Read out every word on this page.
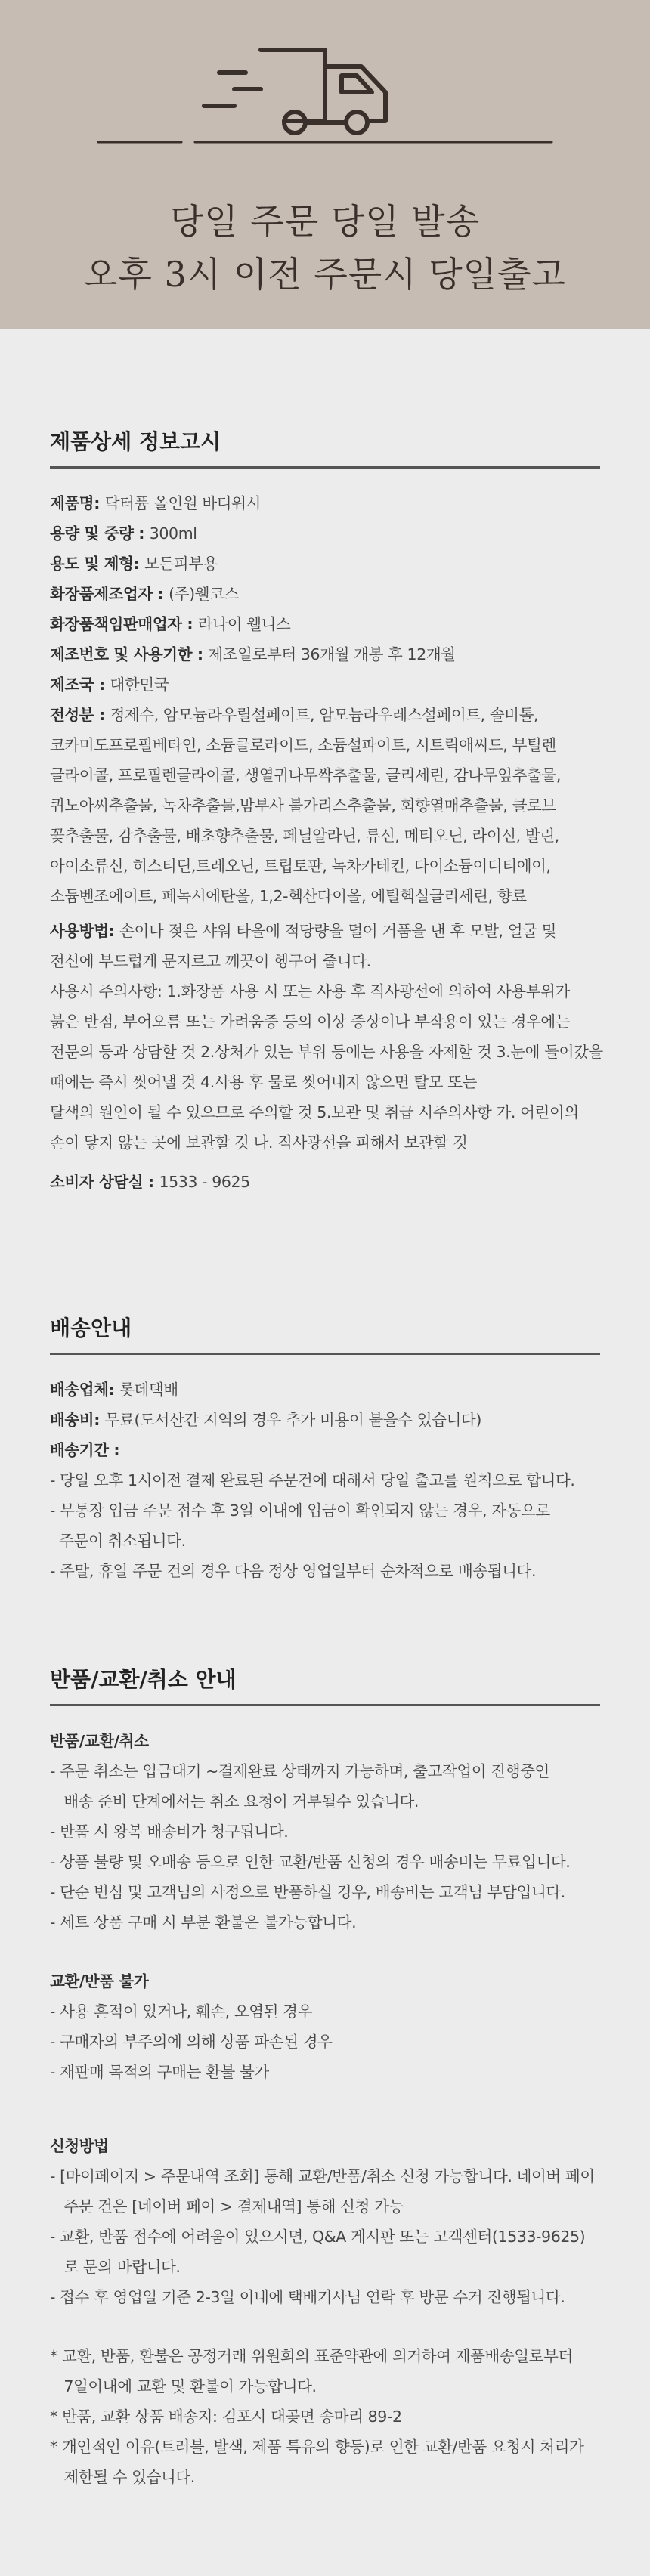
당일 주문 당일 발송
오후 3시 이전 주문시 당일출고
제품상세 정보고시
제품명: 닥터퓸 올인원 바디워시
용량 및 중량 : 300ml
용도 및 제형: 모든피부용
화장품제조업자 : (주)웰코스
화장품책임판매업자 : 라나이 웰니스
제조번호 및 사용기한 : 제조일로부터 36개월 개봉 후 12개월
제조국 : 대한민국
전성분 : 정제수, 암모늄라우릴설페이트, 암모늄라우레스설페이트, 솔비톨,
코카미도프로필베타인, 소듐클로라이드, 소듐설파이트, 시트릭애씨드, 부틸렌
글라이콜, 프로필렌글라이콜, 생열귀나무싹추출물, 글리세린, 감나무잎추출물,
퀴노아씨추출물, 녹차추출물,밤부사 불가리스추출물, 회향열매추출물, 클로브
꽃추출물, 감추출물, 배초향추출물, 페닐알라닌, 류신, 메티오닌, 라이신, 발린,
아이소류신, 히스티딘,트레오닌, 트립토판, 녹차카테킨, 다이소듐이디티에이,
소듐벤조에이트, 페녹시에탄올, 1,2-헥산다이올, 에틸헥실글리세린, 향료
사용방법: 손이나 젖은 샤워 타올에 적당량을 덜어 거품을 낸 후 모발, 얼굴 및
전신에 부드럽게 문지르고 깨끗이 헹구어 줍니다.
사용시 주의사항: 1.화장품 사용 시 또는 사용 후 직사광선에 의하여 사용부위가
붉은 반점, 부어오름 또는 가려움증 등의 이상 증상이나 부작용이 있는 경우에는
전문의 등과 상담할 것 2.상처가 있는 부위 등에는 사용을 자제할 것 3.눈에 들어갔을
때에는 즉시 씻어낼 것 4.사용 후 물로 씻어내지 않으면 탈모 또는
탈색의 원인이 될 수 있으므로 주의할 것 5.보관 및 취급 시주의사항 가. 어린이의
손이 닿지 않는 곳에 보관할 것 나. 직사광선을 피해서 보관할 것
소비자 상담실 : 1533 - 9625
배송안내
배송업체: 롯데택배
배송비: 무료(도서산간 지역의 경우 추가 비용이 붙을수 있습니다)
배송기간 :
- 당일 오후 1시이전 결제 완료된 주문건에 대해서 당일 출고를 원칙으로 합니다.
- 무통장 입금 주문 접수 후 3일 이내에 입금이 확인되지 않는 경우, 자동으로
주문이 취소됩니다.
- 주말, 휴일 주문 건의 경우 다음 정상 영업일부터 순차적으로 배송됩니다.
반품/교환/취소 안내
반품/교환/취소
- 주문 취소는 입금대기 ~결제완료 상태까지 가능하며, 출고작업이 진행중인
배송 준비 단계에서는 취소 요청이 거부될수 있습니다.
- 반품 시 왕복 배송비가 청구됩니다.
- 상품 불량 및 오배송 등으로 인한 교환/반품 신청의 경우 배송비는 무료입니다.
- 단순 변심 및 고객님의 사정으로 반품하실 경우, 배송비는 고객님 부담입니다.
- 세트 상품 구매 시 부분 환불은 불가능합니다.
교환/반품 불가
- 사용 흔적이 있거나, 훼손, 오염된 경우
- 구매자의 부주의에 의해 상품 파손된 경우
- 재판매 목적의 구매는 환불 불가
신청방법
- [마이페이지 > 주문내역 조회] 통해 교환/반품/취소 신청 가능합니다. 네이버 페이
주문 건은 [네이버 페이 > 결제내역] 통해 신청 가능
- 교환, 반품 접수에 어려움이 있으시면, Q&A 게시판 또는 고객센터(1533-9625)
로 문의 바랍니다.
- 접수 후 영업일 기준 2-3일 이내에 택배기사님 연락 후 방문 수거 진행됩니다.
* 교환, 반품, 환불은 공정거래 위원회의 표준약관에 의거하여 제품배송일로부터
7일이내에 교환 및 환불이 가능합니다.
* 반품, 교환 상품 배송지: 김포시 대곶면 송마리 89-2
* 개인적인 이유(트러블, 발색, 제품 특유의 향등)로 인한 교환/반품 요청시 처리가
제한될 수 있습니다.
